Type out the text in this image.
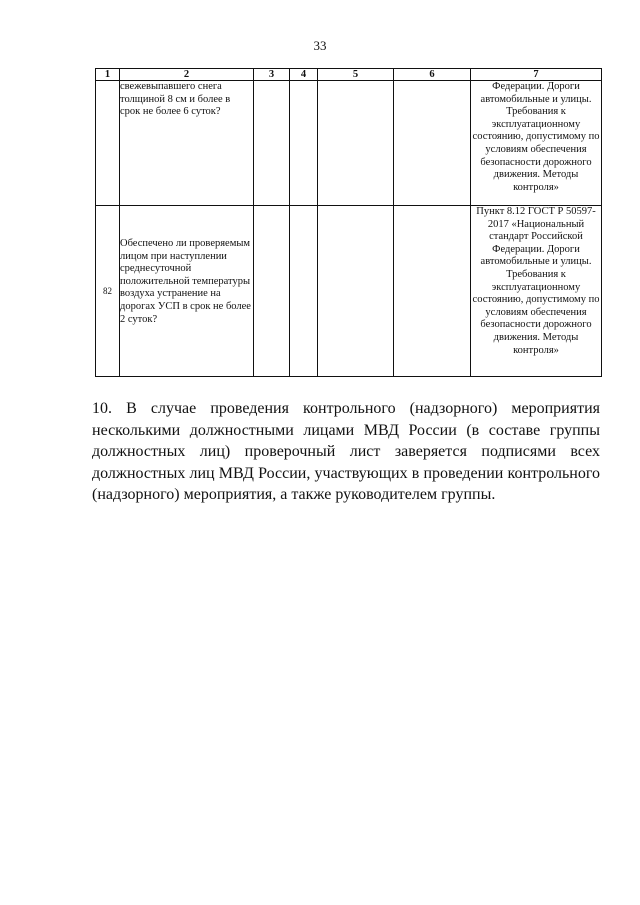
33
1	2	3	4	5	6	7
	свежевыпавшего снега толщиной 8 см и более в срок не более 6 суток?					Федерации. Дороги автомобильные и улицы. Требования к эксплуатационному состоянию, допустимому по условиям обеспечения безопасности дорожного движения. Методы контроля»
82	Обеспечено ли проверяемым лицом при наступлении среднесуточной положительной температуры воздуха устранение на дорогах УСП в срок не более 2 суток?					Пункт 8.12 ГОСТ Р 50597-2017 «Национальный стандарт Российской Федерации. Дороги автомобильные и улицы. Требования к эксплуатационному состоянию, допустимому по условиям обеспечения безопасности дорожного движения. Методы контроля»
10. В случае проведения контрольного (надзорного) мероприятия несколькими должностными лицами МВД России (в составе группы должностных лиц) проверочный лист заверяется подписями всех должностных лиц МВД России, участвующих в проведении контрольного (надзорного) мероприятия, а также руководителем группы.
